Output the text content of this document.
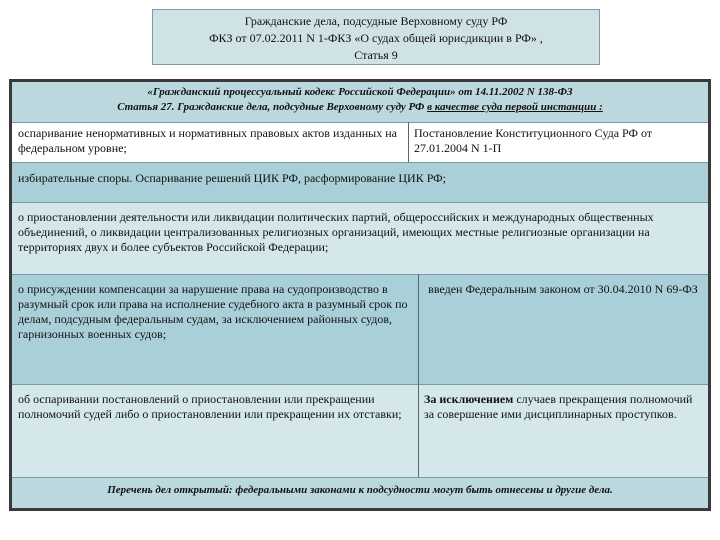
Гражданские дела, подсудные Верховному суду РФ
ФКЗ от 07.02.2011 N 1-ФКЗ «О судах общей юрисдикции в РФ» ,
Статья 9
«Гражданский процессуальный кодекс Российской Федерации» от 14.11.2002 N 138-ФЗ
Статья 27. Гражданские дела, подсудные Верховному суду РФ в качестве суда первой инстанции :
оспаривание ненормативных и нормативных правовых актов изданных на федеральном уровне;
Постановление Конституционного Суда РФ от 27.01.2004 N 1-П
избирательные споры. Оспаривание решений ЦИК РФ, расформирование ЦИК РФ;
о приостановлении деятельности или ликвидации политических партий, общероссийских и международных общественных объединений, о ликвидации централизованных религиозных организаций, имеющих местные религиозные организации на территориях двух и более субъектов Российской Федерации;
о присуждении компенсации за нарушение права на судопроизводство в разумный срок или права на исполнение судебного акта в разумный срок по делам, подсудным федеральным судам, за исключением районных судов, гарнизонных военных судов;
введен Федеральным законом от 30.04.2010 N 69-ФЗ
об оспаривании постановлений о приостановлении или прекращении полномочий судей либо о приостановлении или прекращении их отставки;
За исключением случаев прекращения полномочий за совершение ими дисциплинарных проступков.
Перечень дел открытый: федеральными законами к подсудности могут быть отнесены и другие дела.
